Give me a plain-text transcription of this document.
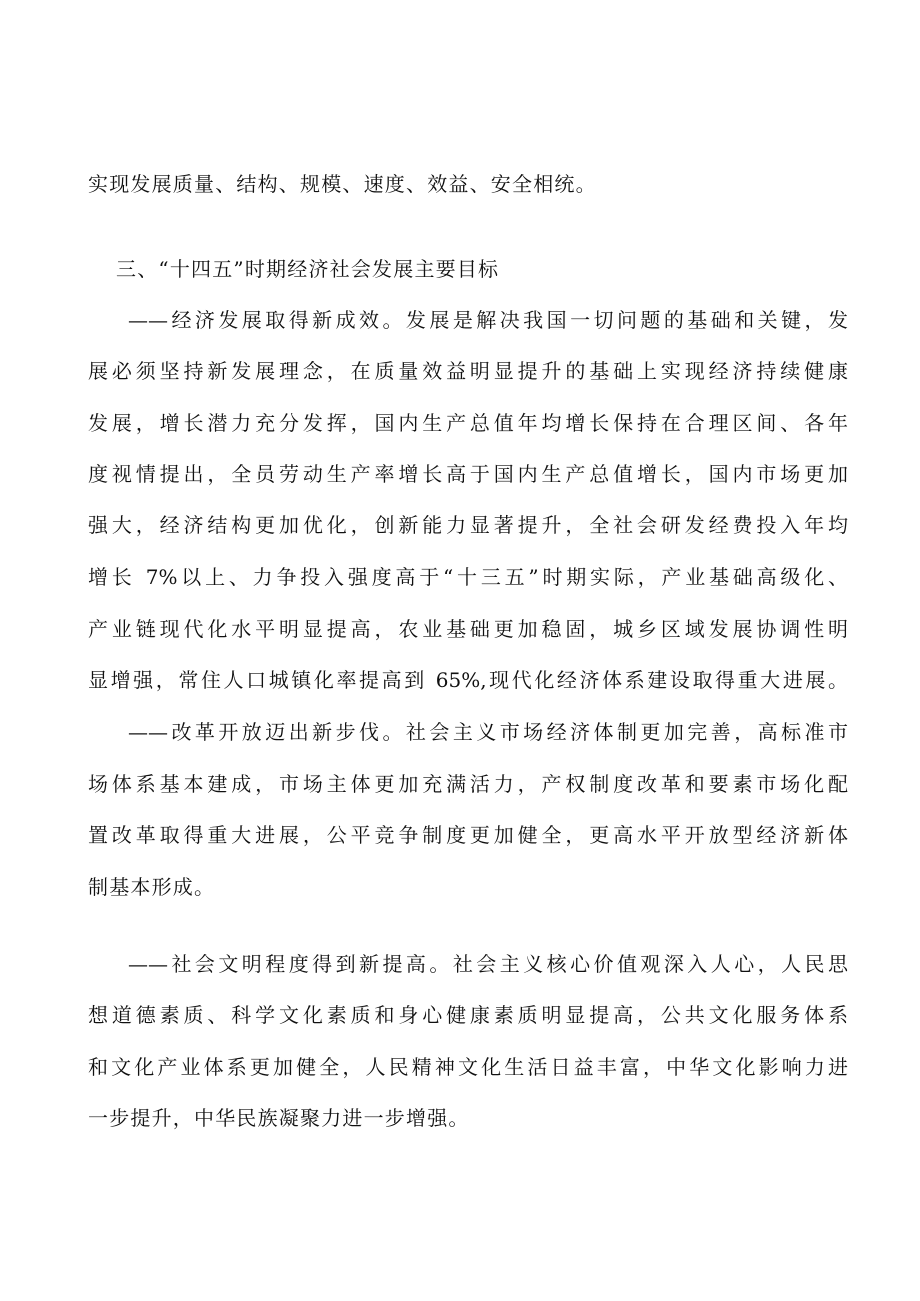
实现发展质量、结构、规模、速度、效益、安全相统。
三、“十四五”时期经济社会发展主要目标
——经济发展取得新成效。发展是解决我国一切问题的基础和关键，发
展必须坚持新发展理念，在质量效益明显提升的基础上实现经济持续健康
发展，增长潜力充分发挥，国内生产总值年均增长保持在合理区间、各年
度视情提出，全员劳动生产率增长高于国内生产总值增长，国内市场更加
强大，经济结构更加优化，创新能力显著提升，全社会研发经费投入年均
增长 7%以上、力争投入强度高于“十三五”时期实际，产业基础高级化、
产业链现代化水平明显提高，农业基础更加稳固，城乡区域发展协调性明
显增强，常住人口城镇化率提高到 65%,现代化经济体系建设取得重大进展。
——改革开放迈出新步伐。社会主义市场经济体制更加完善，高标准市
场体系基本建成，市场主体更加充满活力，产权制度改革和要素市场化配
置改革取得重大进展，公平竞争制度更加健全，更高水平开放型经济新体
制基本形成。
——社会文明程度得到新提高。社会主义核心价值观深入人心，人民思
想道德素质、科学文化素质和身心健康素质明显提高，公共文化服务体系
和文化产业体系更加健全，人民精神文化生活日益丰富，中华文化影响力进
一步提升，中华民族凝聚力进一步增强。
